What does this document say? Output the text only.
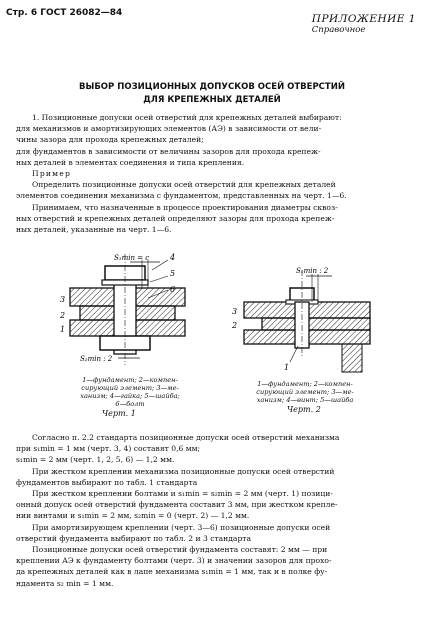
Стр. 6 ГОСТ 26082—84	ПРИЛОЖЕНИЕ 1
Справочное
ВЫБОР ПОЗИЦИОННЫХ ДОПУСКОВ ОСЕЙ ОТВЕРСТИЙ
ДЛЯ КРЕПЕЖНЫХ ДЕТАЛЕЙ

1. Позиционные допуски осей отверстий для крепежных деталей выбирают:

для механизмов и амортизирующих элементов (АЭ) в зависимости от вели-

чины зазора для прохода крепежных деталей;

для фундаментов в зависимости от величины зазоров для прохода крепеж-

ных деталей в элементах соединения и типа крепления.

Пример

Определить позиционные допуски осей отверстий для крепежных деталей

элементов соединения механизма с фундаментом, представленных на черт. 1—6.

Принимаем, что назначенные в процессе проектирования диаметры сквоз-

ных отверстий и крепежных деталей определяют зазоры для прохода крепеж-

ных деталей, указанные на черт. 1—6.

S₁min = c	4
5
6
3
2
1
S₂min : 2
1—фундамент; 2—компен-
сирующий элемент; 3—ме-
ханизм; 4—гайка; 5—шайба;
6—болт
Черт. 1
S₁min : 2
3
2
1
1—фундамент; 2—компен-
сирующий элемент; 3—ме-
ханизм; 4—винт; 5—шайба
Черт. 2

Согласно п. 2.2 стандарта позиционные допуски осей отверстий механизма

при s₁min = 1 мм (черт. 3, 4) составят 0,6 мм;

s₁min = 2 мм (черт. 1, 2, 5, 6) — 1,2 мм.

При жестком креплении механизма позиционные допуски осей отверстий

фундаментов выбирают по табл. 1 стандарта

При жестком креплении болтами и s₁min = s₂min = 2 мм (черт. 1) позици-

онный допуск осей отверстий фундамента составит 3 мм, при жестком крепле-

нии винтами и s₁min = 2 мм, s₂min = 0 (черт. 2) — 1,2 мм.

При амортизирующем креплении (черт. 3—6) позиционные допуски осей

отверстий фундамента выбирают по табл. 2 и 3 стандарта

Позиционные допуски осей отверстий фундамента составят: 2 мм — при

креплении АЭ к фундаменту болтами (черт. 3) и значении зазоров для прохо-

да крепежных деталей как в лапе механизма s₁min = 1 мм, так и в полке фу-

ндамента s₂ min = 1 мм.
